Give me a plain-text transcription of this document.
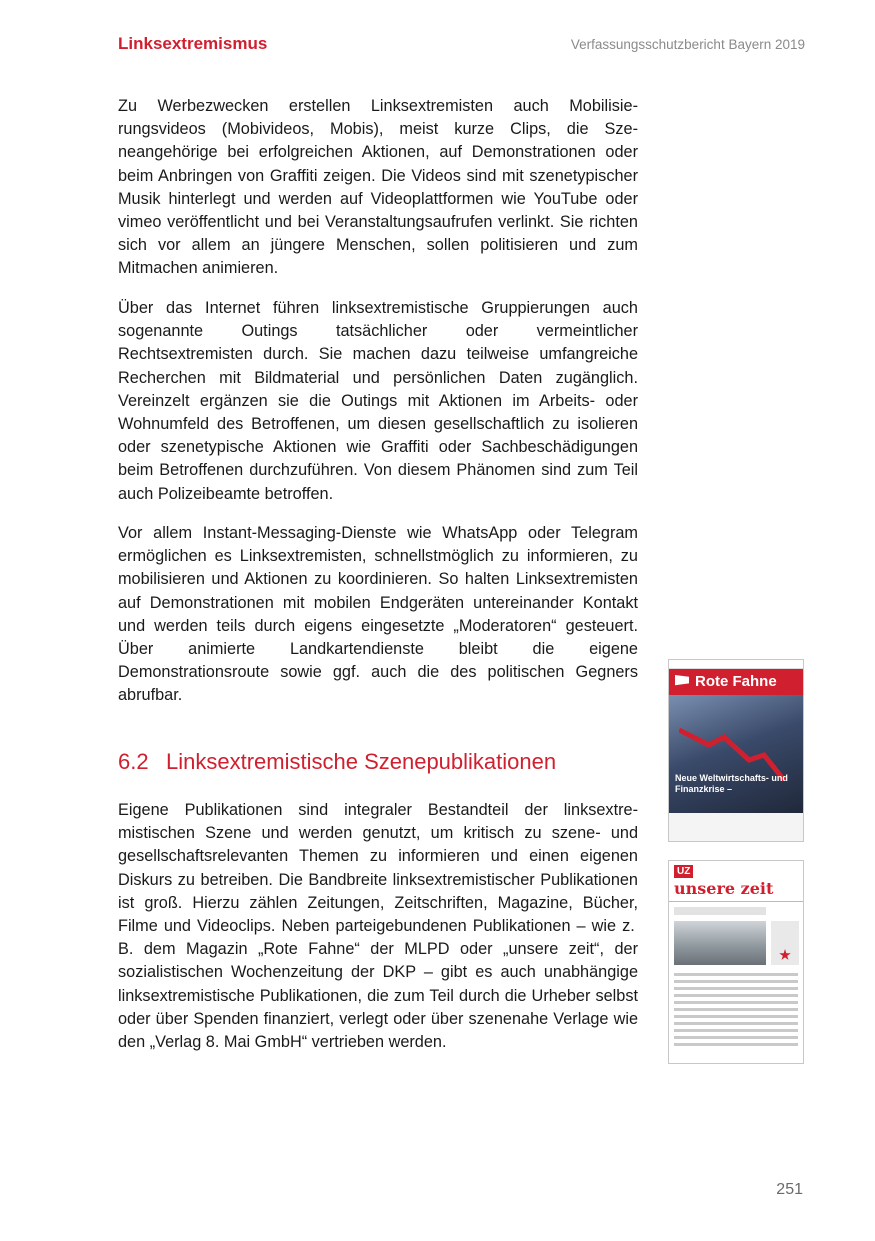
Linksextremismus	Verfassungsschutzbericht Bayern 2019

Zu Werbezwecken erstellen Linksextremisten auch Mobilisierungsvideos (Mobivideos, Mobis), meist kurze Clips, die Szeneangehörige bei erfolgreichen Aktionen, auf Demonstrationen oder beim Anbringen von Graffiti zeigen. Die Videos sind mit szenetypischer Musik hinterlegt und werden auf Videoplattformen wie YouTube oder vimeo veröffentlicht und bei Veranstaltungsaufrufen verlinkt. Sie richten sich vor allem an jüngere Menschen, sollen politisieren und zum Mitmachen animieren.

Über das Internet führen linksextremistische Gruppierungen auch sogenannte Outings tatsächlicher oder vermeintlicher Rechtsextremisten durch. Sie machen dazu teilweise umfangreiche Recherchen mit Bildmaterial und persönlichen Daten zugänglich. Vereinzelt ergänzen sie die Outings mit Aktionen im Arbeits- oder Wohnumfeld des Betroffenen, um diesen gesellschaftlich zu isolieren oder szenetypische Aktionen wie Graffiti oder Sachbeschädigungen beim Betroffenen durchzuführen. Von diesem Phänomen sind zum Teil auch Polizeibeamte betroffen.

Vor allem Instant-Messaging-Dienste wie WhatsApp oder Telegram ermöglichen es Linksextremisten, schnellstmöglich zu informieren, zu mobilisieren und Aktionen zu koordinieren. So halten Linksextremisten auf Demonstrationen mit mobilen Endgeräten untereinander Kontakt und werden teils durch eigens eingesetzte „Moderatoren“ gesteuert. Über animierte Landkartendienste bleibt die eigene Demonstrationsroute sowie ggf. auch die des politischen Gegners abrufbar.

6.2 Linksextremistische Szenepublikationen

Eigene Publikationen sind integraler Bestandteil der linksextremistischen Szene und werden genutzt, um kritisch zu szene- und gesellschaftsrelevanten Themen zu informieren und einen eigenen Diskurs zu betreiben. Die Bandbreite linksextremistischer Publikationen ist groß. Hierzu zählen Zeitungen, Zeitschriften, Magazine, Bücher, Filme und Videoclips. Neben parteigebundenen Publikationen – wie z. B. dem Magazin „Rote Fahne“ der MLPD oder „unsere zeit“, der sozialistischen Wochenzeitung der DKP – gibt es auch unabhängige linksextremistische Publikationen, die zum Teil durch die Urheber selbst oder über Spenden finanziert, verlegt oder über szenenahe Verlage wie den „Verlag 8. Mai GmbH“ vertrieben werden.

Rote Fahne
Neue Weltwirtschafts- und Finanzkrise –
UZ
unsere zeit
251
